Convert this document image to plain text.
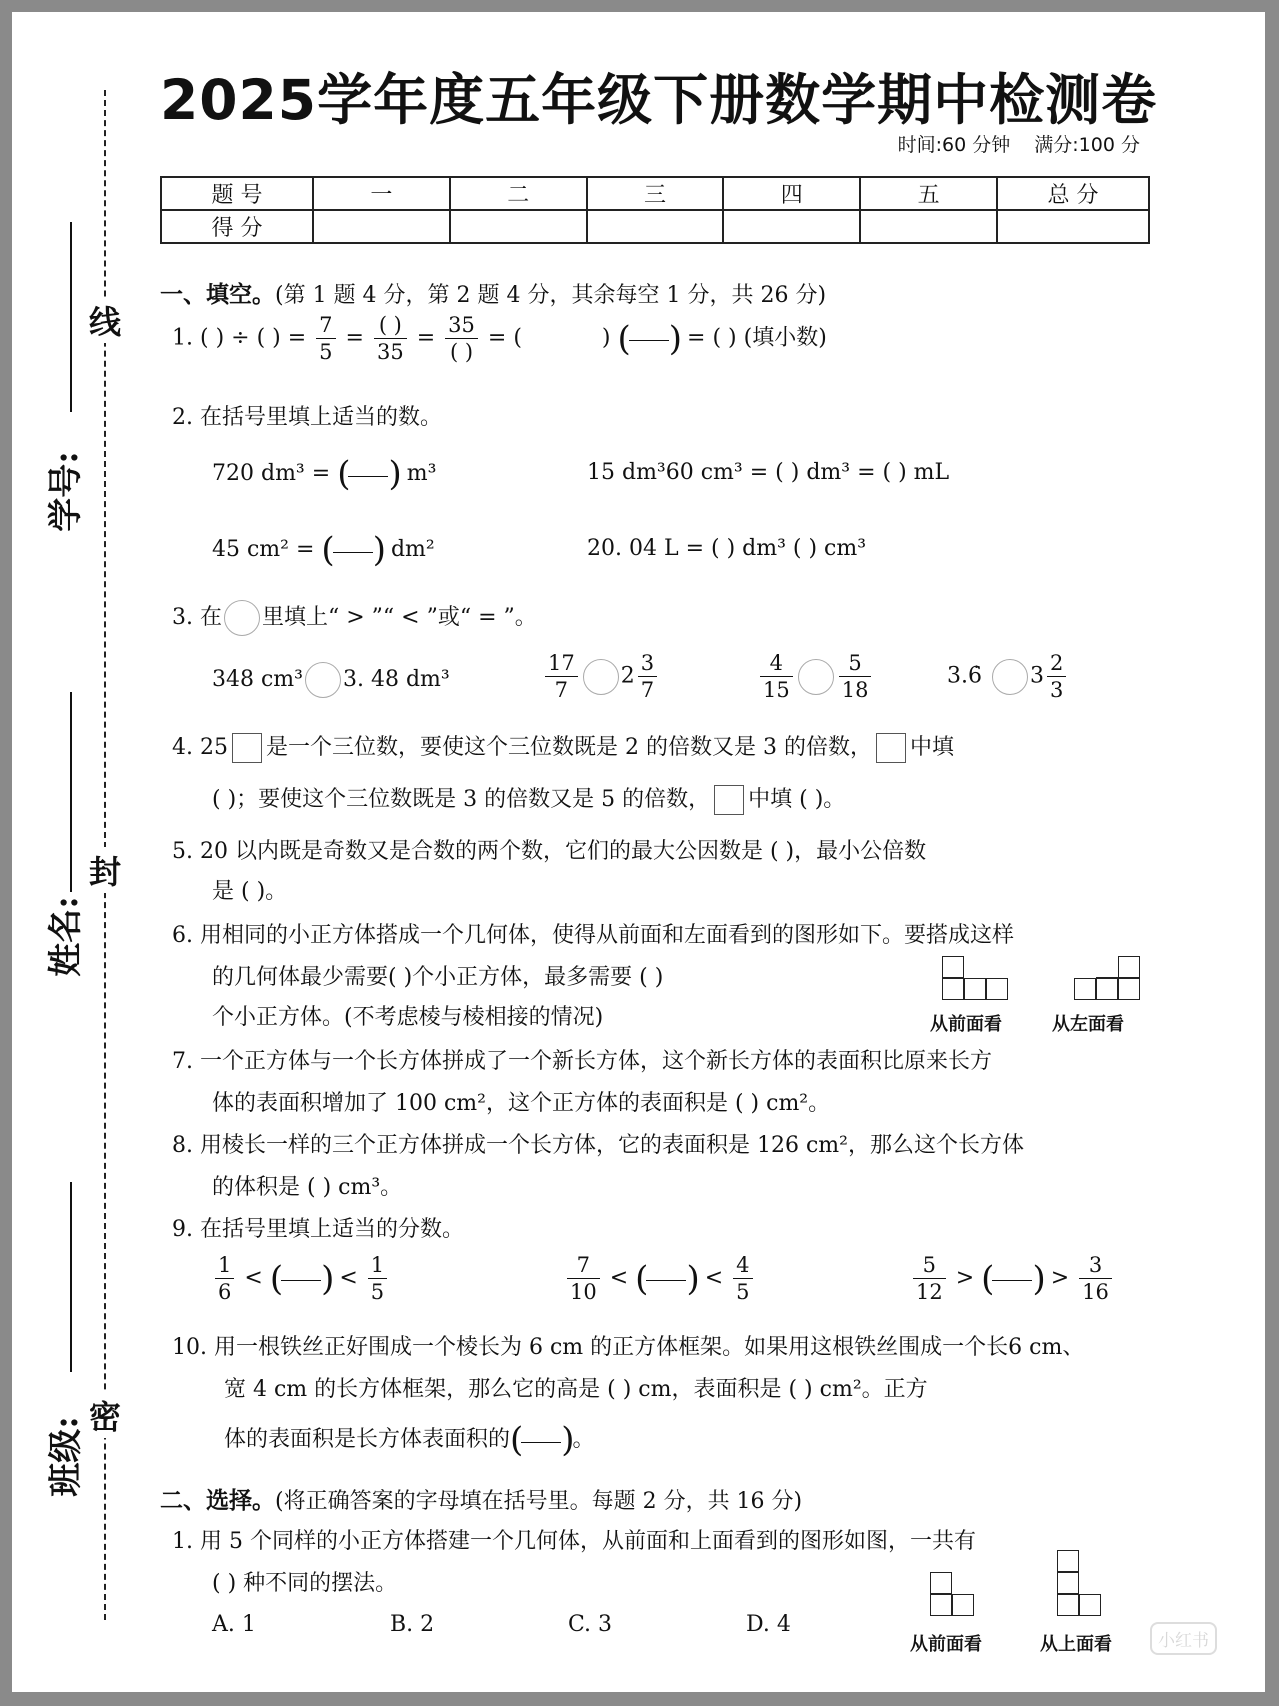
线
封
密
学号:
姓名:
班级:
2025学年度五年级下册数学期中检测卷
时间:60 分钟 满分:100 分
题 号	一	二	三	四	五	总 分
得 分						
一、填空。(第 1 题 4 分，第 2 题 4 分，其余每空 1 分，共 26 分)
1. ( ) ÷ ( ) = $\frac{7}{5} = \frac{( )}{35} = \frac{35}{( )}$ = (	) ( ) = ( ) (填小数)
2. 在括号里填上适当的数。
720 dm³ = ( ) m³	15 dm³60 cm³ = ( ) dm³ = ( ) mL
45 cm² = ( ) dm²	20. 04 L = ( ) dm³ ( ) cm³
3. 在 里填上“ > ”“ < ”或“ = ”。
348 cm³ 3. 48 dm³	$\frac{17}{7} 2 \frac{3}{7}$	$\frac{4}{15} \frac{5}{18}$	3.6̇ $3 \frac{2}{3}$
4. 25 是一个三位数，要使这个三位数既是 2 的倍数又是 3 的倍数， 中填
( )；要使这个三位数既是 3 的倍数又是 5 的倍数， 中填 ( )。
5. 20 以内既是奇数又是合数的两个数，它们的最大公因数是 ( )，最小公倍数
是 ( )。
6. 用相同的小正方体搭成一个几何体，使得从前面和左面看到的图形如下。要搭成这样
的几何体最少需要( )个小正方体，最多需要 ( )
个小正方体。(不考虑棱与棱相接的情况)	从前面看	从左面看
7. 一个正方体与一个长方体拼成了一个新长方体，这个新长方体的表面积比原来长方
体的表面积增加了 100 cm²，这个正方体的表面积是 ( ) cm²。
8. 用棱长一样的三个正方体拼成一个长方体，它的表面积是 126 cm²，那么这个长方体
的体积是 ( ) cm³。
9. 在括号里填上适当的分数。
$\frac{1}{6}$ < ( ) < $\frac{1}{5}$	$\frac{7}{10}$ < ( ) < $\frac{4}{5}$	$\frac{5}{12}$ > ( ) > $\frac{3}{16}$
10. 用一根铁丝正好围成一个棱长为 6 cm 的正方体框架。如果用这根铁丝围成一个长6 cm、
宽 4 cm 的长方体框架，那么它的高是 ( ) cm，表面积是 ( ) cm²。正方
体的表面积是长方体表面积的( )。
二、选择。(将正确答案的字母填在括号里。每题 2 分，共 16 分)
1. 用 5 个同样的小正方体搭建一个几何体，从前面和上面看到的图形如图，一共有
( ) 种不同的摆法。
A. 1	B. 2	C. 3	D. 4
从前面看	从上面看	小红书
